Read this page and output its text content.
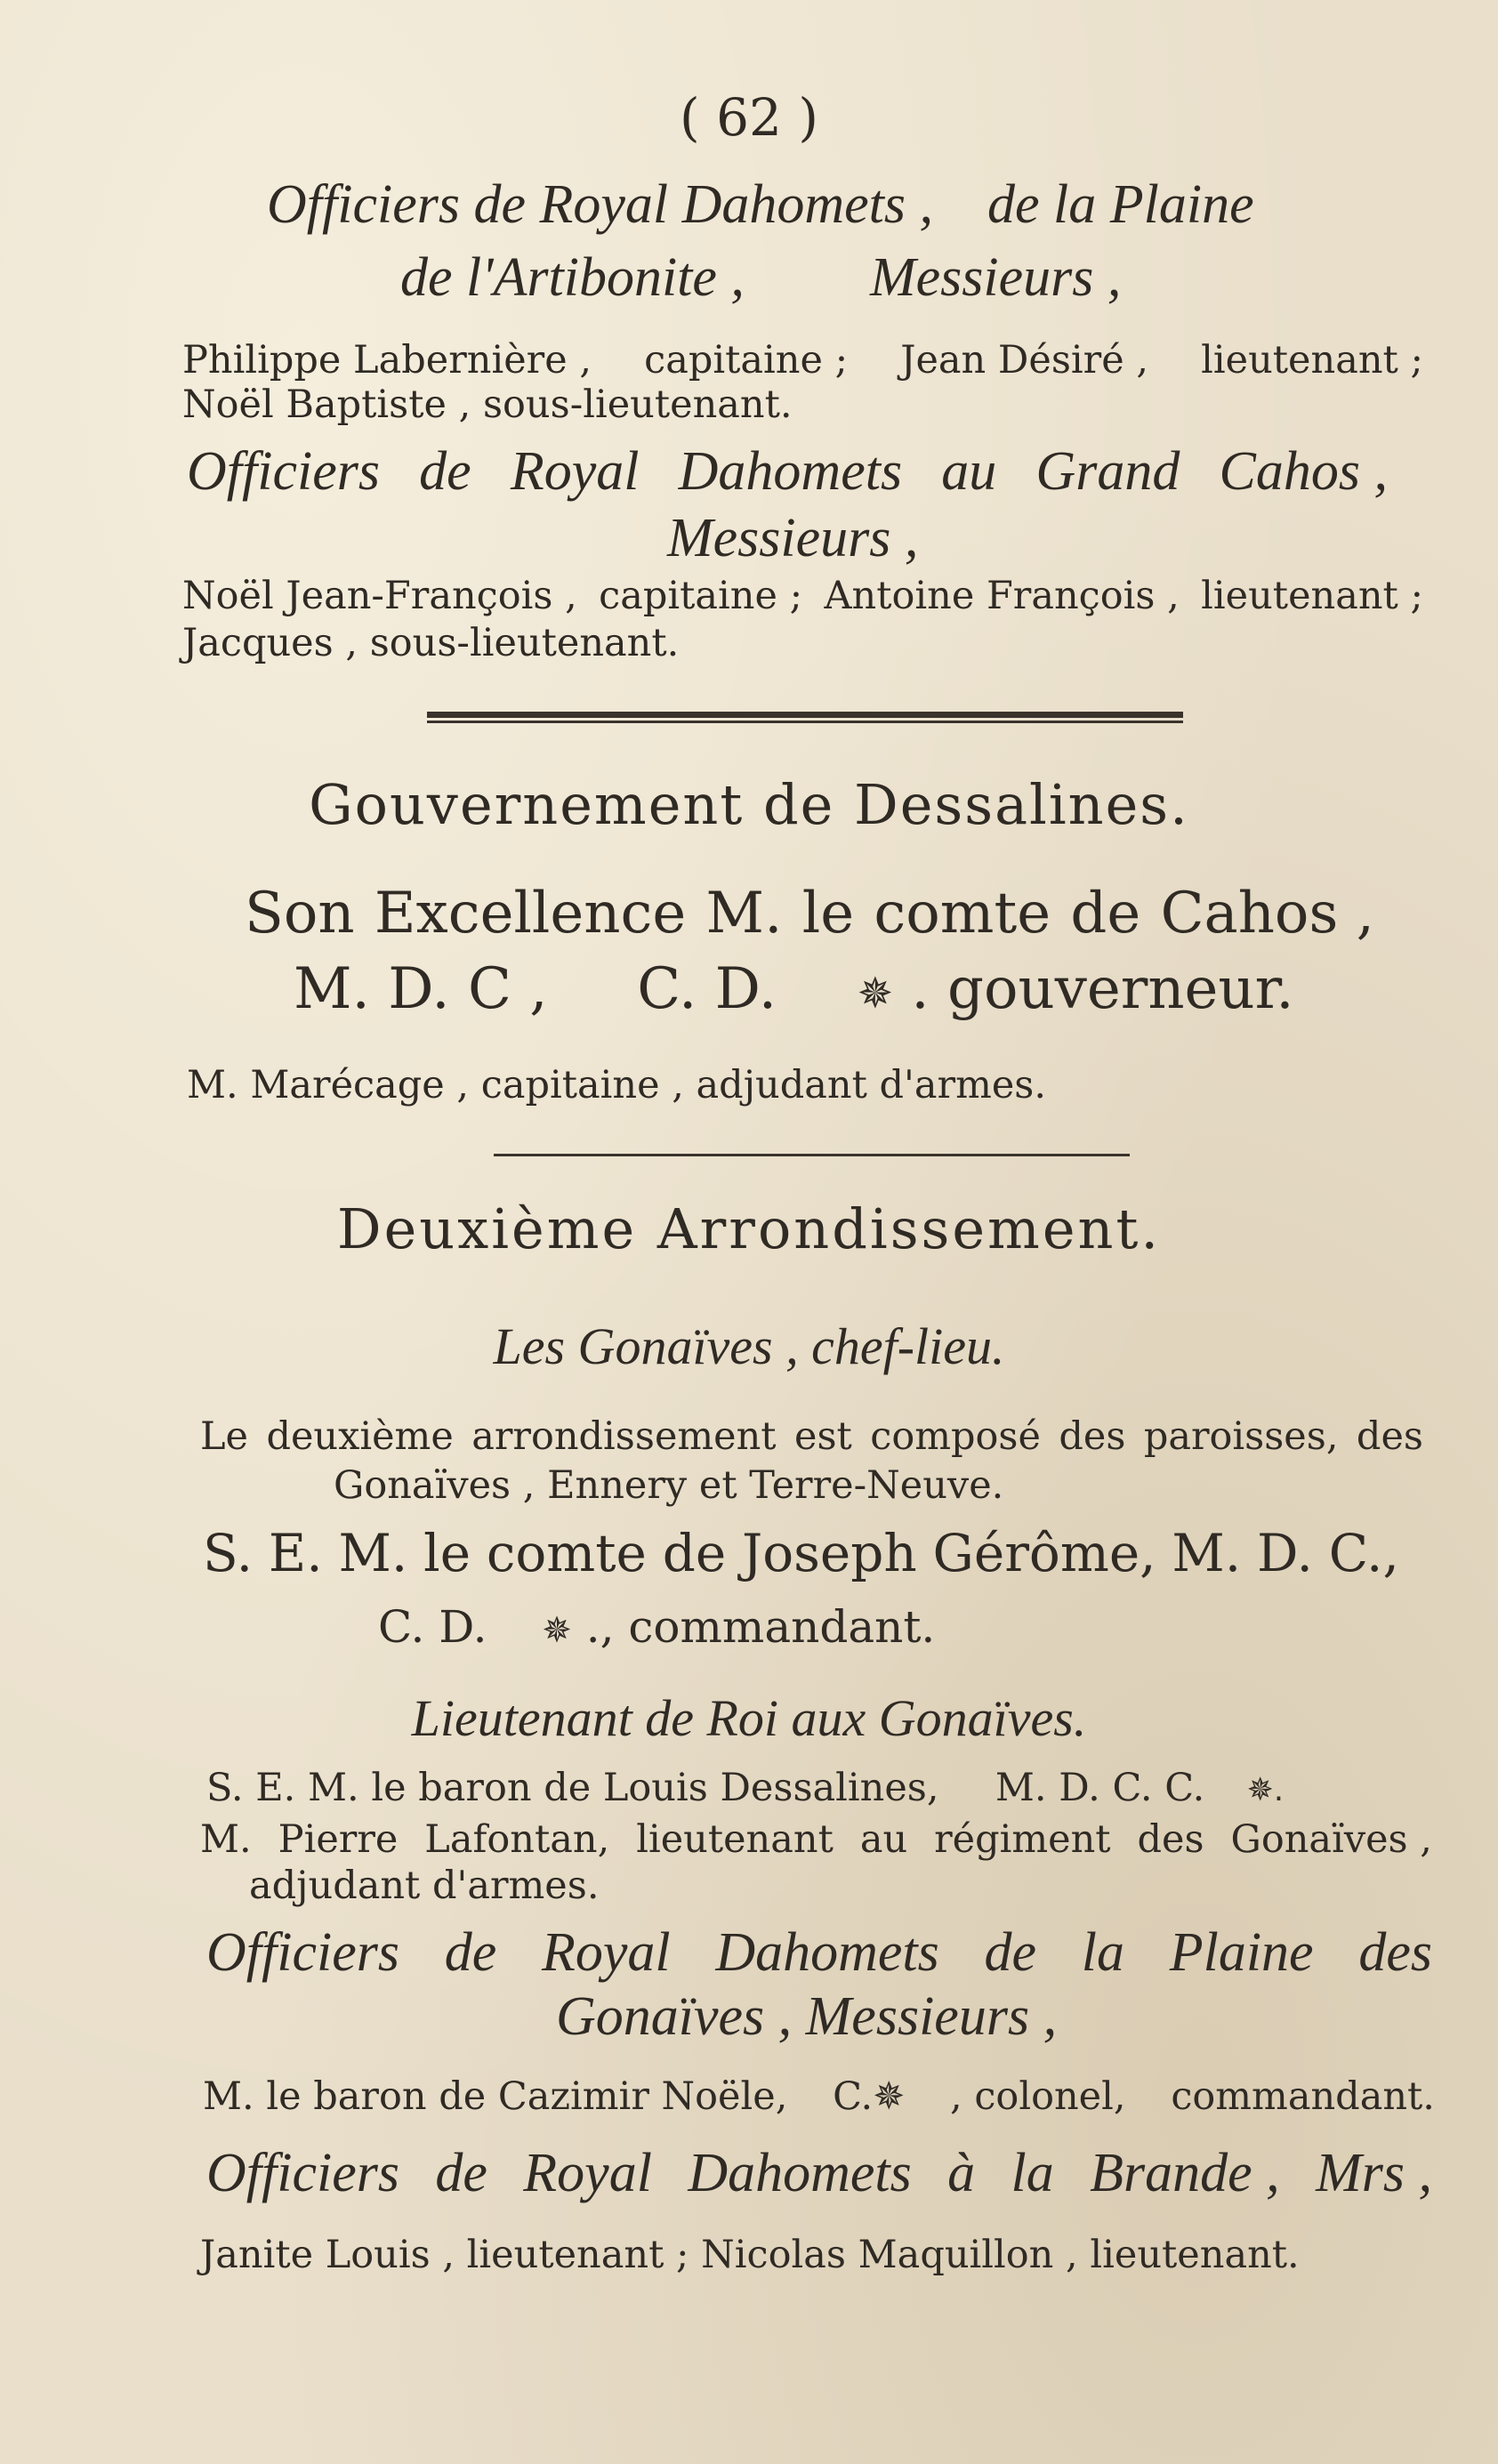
( 62 )
Officiers de Royal Dahomets , de la Plaine
de l'Artibonite , Messieurs ,
Philippe Labernière , capitaine ; Jean Désiré , lieutenant ;
Noël Baptiste , sous-lieutenant.
Officiers de Royal Dahomets au Grand Cahos ,
Messieurs ,
Noël Jean-François , capitaine ; Antoine François , lieutenant ;
Jacques , sous-lieutenant.
Gouvernement de Dessalines.
Son Excellence M. le comte de Cahos ,
M. D. C , C. D. ✵ . gouverneur.
M. Marécage , capitaine , adjudant d'armes.
Deuxième Arrondissement.
Les Gonaïves , chef-lieu.
Le deuxième arrondissement est composé des paroisses, des
Gonaïves , Ennery et Terre-Neuve.
S. E. M. le comte de Joseph Gérôme, M. D. C.,
C. D. ✵ ., commandant.
Lieutenant de Roi aux Gonaïves.
S. E. M. le baron de Louis Dessalines, M. D. C. C. ✵.
M. Pierre Lafontan, lieutenant au régiment des Gonaïves ,
adjudant d'armes.
Officiers de Royal Dahomets de la Plaine des
Gonaïves , Messieurs ,
M. le baron de Cazimir Noële, C.✵ , colonel, commandant.
Officiers de Royal Dahomets à la Brande , Mrs ,
Janite Louis , lieutenant ; Nicolas Maquillon , lieutenant.
